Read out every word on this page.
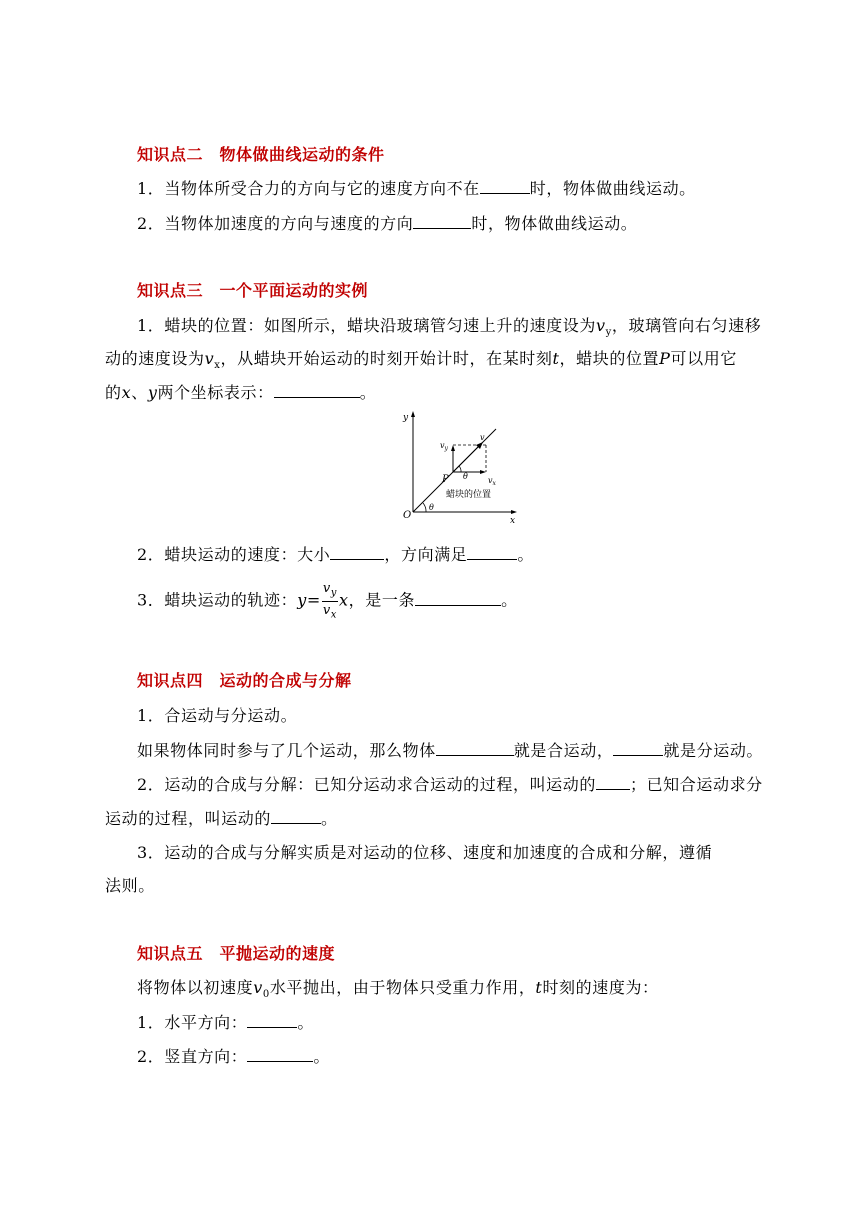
知识点二　物体做曲线运动的条件
1．当物体所受合力的方向与它的速度方向不在	时，物体做曲线运动。
2．当物体加速度的方向与速度的方向	时，物体做曲线运动。
知识点三　一个平面运动的实例
1．蜡块的位置：如图所示，蜡块沿玻璃管匀速上升的速度设为$v_y$，玻璃管向右匀速移
动的速度设为$v_x$，从蜡块开始运动的时刻开始计时，在某时刻t，蜡块的位置P可以用它
的x、y两个坐标表示：	。
y
x
O
P
$v_y$
v
$v_x$
θ
θ
蜡块的位置
2．蜡块运动的速度：大小	，方向满足	。
3．蜡块运动的轨迹：$y= \frac{v_y}{v_x}$ x，是一条	。
知识点四　运动的合成与分解
1．合运动与分运动。
如果物体同时参与了几个运动，那么物体	就是合运动，	就是分运动。
2．运动的合成与分解：已知分运动求合运动的过程，叫运动的 ；已知合运动求分
运动的过程，叫运动的	。
3．运动的合成与分解实质是对运动的位移、速度和加速度的合成和分解，遵循
法则。
知识点五　平抛运动的速度
将物体以初速度$v_0$水平抛出，由于物体只受重力作用，t时刻的速度为：
1．水平方向：	。
2．竖直方向：	。
